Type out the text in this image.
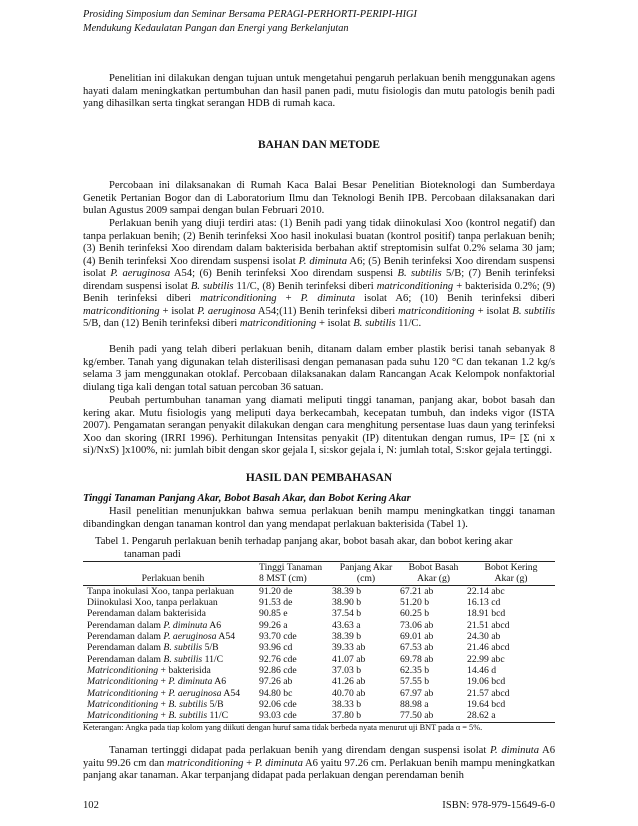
Prosiding Simposium dan Seminar Bersama PERAGI-PERHORTI-PERIPI-HIGI
Mendukung Kedaulatan Pangan dan Energi yang Berkelanjutan
Penelitian ini dilakukan dengan tujuan untuk mengetahui pengaruh perlakuan benih menggunakan agens hayati dalam meningkatkan pertumbuhan dan hasil panen padi, mutu fisiologis dan mutu patologis benih padi yang dihasilkan serta tingkat serangan HDB di rumah kaca.
BAHAN DAN METODE
Percobaan ini dilaksanakan di Rumah Kaca Balai Besar Penelitian Bioteknologi dan Sumberdaya Genetik Pertanian Bogor dan di Laboratorium Ilmu dan Teknologi Benih IPB. Percobaan dilaksanakan dari bulan Agustus 2009 sampai dengan bulan Februari 2010.
Perlakuan benih yang diuji terdiri atas: (1) Benih padi yang tidak diinokulasi Xoo (kontrol negatif) dan tanpa perlakuan benih; (2) Benih terinfeksi Xoo hasil inokulasi buatan (kontrol positif) tanpa perlakuan benih; (3) Benih terinfeksi Xoo direndam dalam bakterisida berbahan aktif streptomisin sulfat 0.2% selama 30 jam; (4) Benih terinfeksi Xoo direndam suspensi isolat P. diminuta A6; (5) Benih terinfeksi Xoo direndam suspensi isolat P. aeruginosa A54; (6) Benih terinfeksi Xoo direndam suspensi B. subtilis 5/B; (7) Benih terinfeksi direndam suspensi isolat B. subtilis 11/C, (8) Benih terinfeksi diberi matriconditioning + bakterisida 0.2%; (9) Benih terinfeksi diberi matriconditioning + P. diminuta isolat A6; (10) Benih terinfeksi diberi matriconditioning + isolat P. aeruginosa A54;(11) Benih terinfeksi diberi matriconditioning + isolat B. subtilis 5/B, dan (12) Benih terinfeksi diberi matriconditioning + isolat B. subtilis 11/C.
Benih padi yang telah diberi perlakuan benih, ditanam dalam ember plastik berisi tanah sebanyak 8 kg/ember. Tanah yang digunakan telah disterilisasi dengan pemanasan pada suhu 120 °C dan tekanan 1.2 kg/s selama 3 jam menggunakan otoklaf. Percobaan dilaksanakan dalam Rancangan Acak Kelompok nonfaktorial diulang tiga kali dengan total satuan percoban 36 satuan.
Peubah pertumbuhan tanaman yang diamati meliputi tinggi tanaman, panjang akar, bobot basah dan kering akar. Mutu fisiologis yang meliputi daya berkecambah, kecepatan tumbuh, dan indeks vigor (ISTA 2007). Pengamatan serangan penyakit dilakukan dengan cara menghitung persentase luas daun yang terinfeksi Xoo dan skoring (IRRI 1996). Perhitungan Intensitas penyakit (IP) ditentukan dengan rumus, IP= [Σ (ni x si)/NxS) ]x100%, ni: jumlah bibit dengan skor gejala I, si:skor gejala i, N: jumlah total, S:skor gejala tertinggi.
HASIL DAN PEMBAHASAN
Tinggi Tanaman Panjang Akar, Bobot Basah Akar, dan Bobot Kering Akar
Hasil penelitian menunjukkan bahwa semua perlakuan benih mampu meningkatkan tinggi tanaman dibandingkan dengan tanaman kontrol dan yang mendapat perlakuan bakterisida (Tabel 1).
Tabel 1. Pengaruh perlakuan benih terhadap panjang akar, bobot basah akar, dan bobot kering akar
tanaman padi
	Tinggi Tanaman	Panjang Akar	Bobot Basah	Bobot Kering
Perlakuan benih	8 MST (cm)	(cm)	Akar (g)	Akar (g)
Tanpa inokulasi Xoo, tanpa perlakuan	91.20 de	38.39 b	67.21 ab	22.14 abc
Diinokulasi Xoo, tanpa perlakuan	91.53 de	38.90 b	51.20 b	16.13 cd
Perendaman dalam bakterisida	90.85 e	37.54 b	60.25 b	18.91 bcd
Perendaman dalam P. diminuta A6	99.26 a	43.63 a	73.06 ab	21.51 abcd
Perendaman dalam P. aeruginosa A54	93.70 cde	38.39 b	69.01 ab	24.30 ab
Perendaman dalam B. subtilis 5/B	93.96 cd	39.33 ab	67.53 ab	21.46 abcd
Perendaman dalam B. subtilis 11/C	92.76 cde	41.07 ab	69.78 ab	22.99 abc
Matriconditioning + bakterisida	92.86 cde	37.03 b	62.35 b	14.46 d
Matriconditioning + P. diminuta A6	97.26 ab	41.26 ab	57.55 b	19.06 bcd
Matriconditioning + P. aeruginosa A54	94.80 bc	40.70 ab	67.97 ab	21.57 abcd
Matriconditioning + B. subtilis 5/B	92.06 cde	38.33 b	88.98 a	19.64 bcd
Matriconditioning + B. subtilis 11/C	93.03 cde	37.80 b	77.50 ab	28.62 a
Keterangan: Angka pada tiap kolom yang diikuti dengan huruf sama tidak berbeda nyata menurut uji BNT pada α = 5%.
Tanaman tertinggi didapat pada perlakuan benih yang direndam dengan suspensi isolat P. diminuta A6 yaitu 99.26 cm dan matriconditioning + P. diminuta A6 yaitu 97.26 cm. Perlakuan benih mampu meningkatkan panjang akar tanaman. Akar terpanjang didapat pada perlakuan dengan perendaman benih
102	ISBN: 978-979-15649-6-0
